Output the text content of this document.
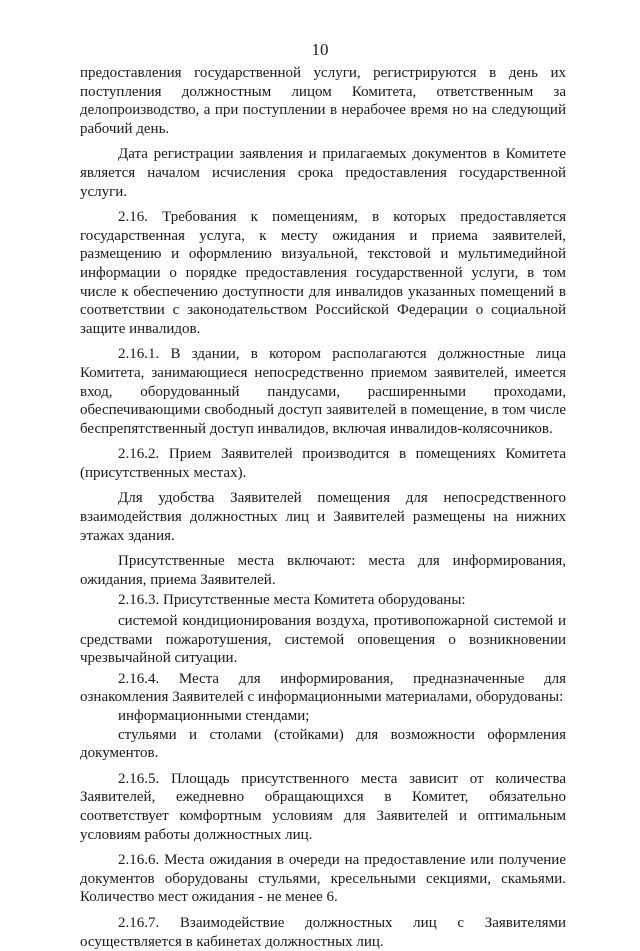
10

предоставления государственной услуги, регистрируются в день их поступления должностным лицом Комитета, ответственным за делопроизводство, а при поступлении в нерабочее время но на следующий рабочий день.

Дата регистрации заявления и прилагаемых документов в Комитете является началом исчисления срока предоставления государственной услуги.

2.16. Требования к помещениям, в которых предоставляется государственная услуга, к месту ожидания и приема заявителей, размещению и оформлению визуальной, текстовой и мультимедийной информации о порядке предоставления государственной услуги, в том числе к обеспечению доступности для инвалидов указанных помещений в соответствии с законодательством Российской Федерации о социальной защите инвалидов.

2.16.1. В здании, в котором располагаются должностные лица Комитета, занимающиеся непосредственно приемом заявителей, имеется вход, оборудованный пандусами, расширенными проходами, обеспечивающими свободный доступ заявителей в помещение, в том числе беспрепятственный доступ инвалидов, включая инвалидов-колясочников.

2.16.2. Прием Заявителей производится в помещениях Комитета (присутственных местах).

Для удобства Заявителей помещения для непосредственного взаимодействия должностных лиц и Заявителей размещены на нижних этажах здания.

Присутственные места включают: места для информирования, ожидания, приема Заявителей.

2.16.3. Присутственные места Комитета оборудованы:

системой кондиционирования воздуха, противопожарной системой и средствами пожаротушения, системой оповещения о возникновении чрезвычайной ситуации.

2.16.4. Места для информирования, предназначенные для ознакомления Заявителей с информационными материалами, оборудованы:

информационными стендами;

стульями и столами (стойками) для возможности оформления документов.

2.16.5. Площадь присутственного места зависит от количества Заявителей, ежедневно обращающихся в Комитет, обязательно соответствует комфортным условиям для Заявителей и оптимальным условиям работы должностных лиц.

2.16.6. Места ожидания в очереди на предоставление или получение документов оборудованы стульями, кресельными секциями, скамьями. Количество мест ожидания - не менее 6.

2.16.7. Взаимодействие должностных лиц с Заявителями осуществляется в кабинетах должностных лиц.
